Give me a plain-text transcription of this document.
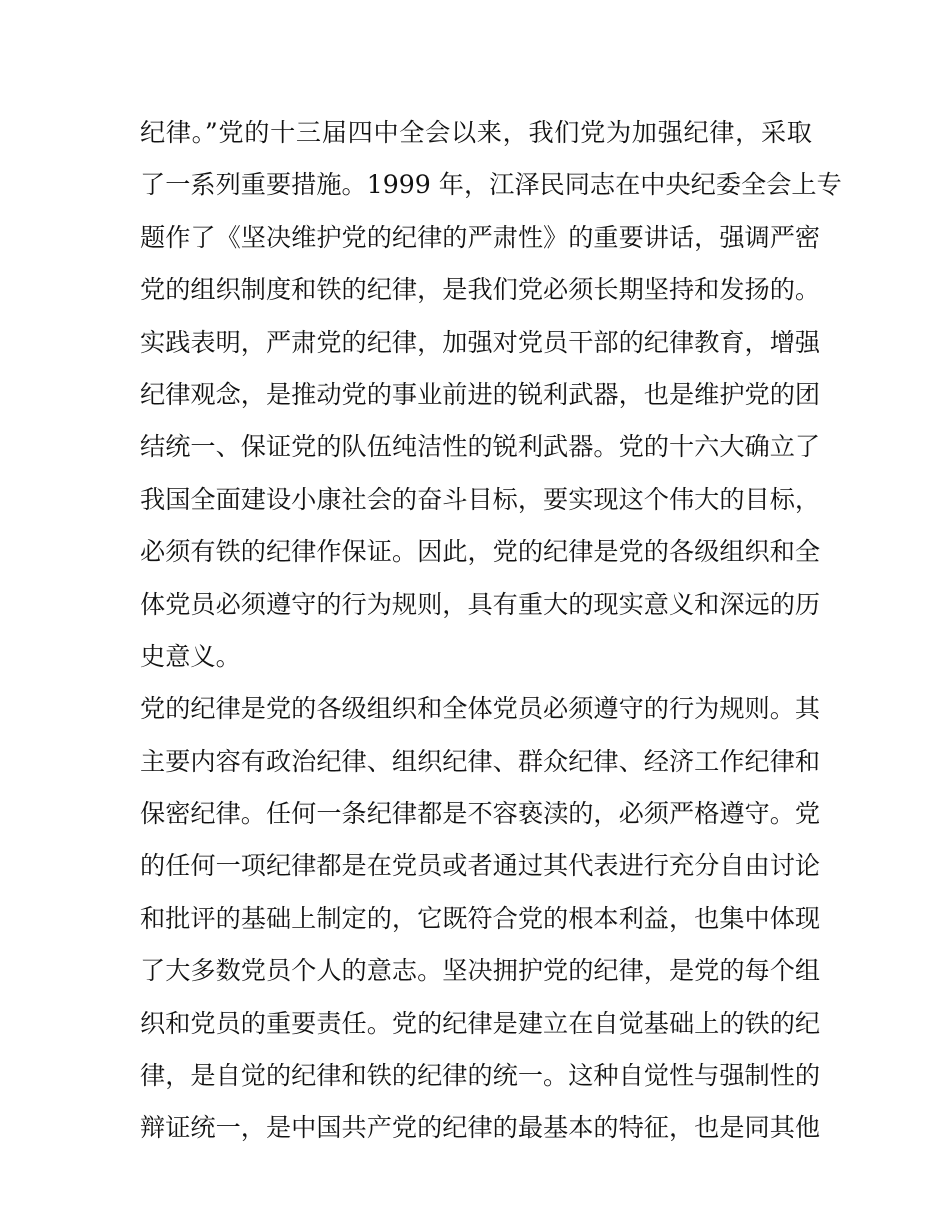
纪律。”党的十三届四中全会以来，我们党为加强纪律，采取
了一系列重要措施。1999 年，江泽民同志在中央纪委全会上专
题作了《坚决维护党的纪律的严肃性》的重要讲话，强调严密
党的组织制度和铁的纪律，是我们党必须长期坚持和发扬的。
实践表明，严肃党的纪律，加强对党员干部的纪律教育，增强
纪律观念，是推动党的事业前进的锐利武器，也是维护党的团
结统一、保证党的队伍纯洁性的锐利武器。党的十六大确立了
我国全面建设小康社会的奋斗目标，要实现这个伟大的目标，
必须有铁的纪律作保证。因此，党的纪律是党的各级组织和全
体党员必须遵守的行为规则，具有重大的现实意义和深远的历
史意义。
党的纪律是党的各级组织和全体党员必须遵守的行为规则。其
主要内容有政治纪律、组织纪律、群众纪律、经济工作纪律和
保密纪律。任何一条纪律都是不容亵渎的，必须严格遵守。党
的任何一项纪律都是在党员或者通过其代表进行充分自由讨论
和批评的基础上制定的，它既符合党的根本利益，也集中体现
了大多数党员个人的意志。坚决拥护党的纪律，是党的每个组
织和党员的重要责任。党的纪律是建立在自觉基础上的铁的纪
律，是自觉的纪律和铁的纪律的统一。这种自觉性与强制性的
辩证统一，是中国共产党的纪律的最基本的特征，也是同其他
